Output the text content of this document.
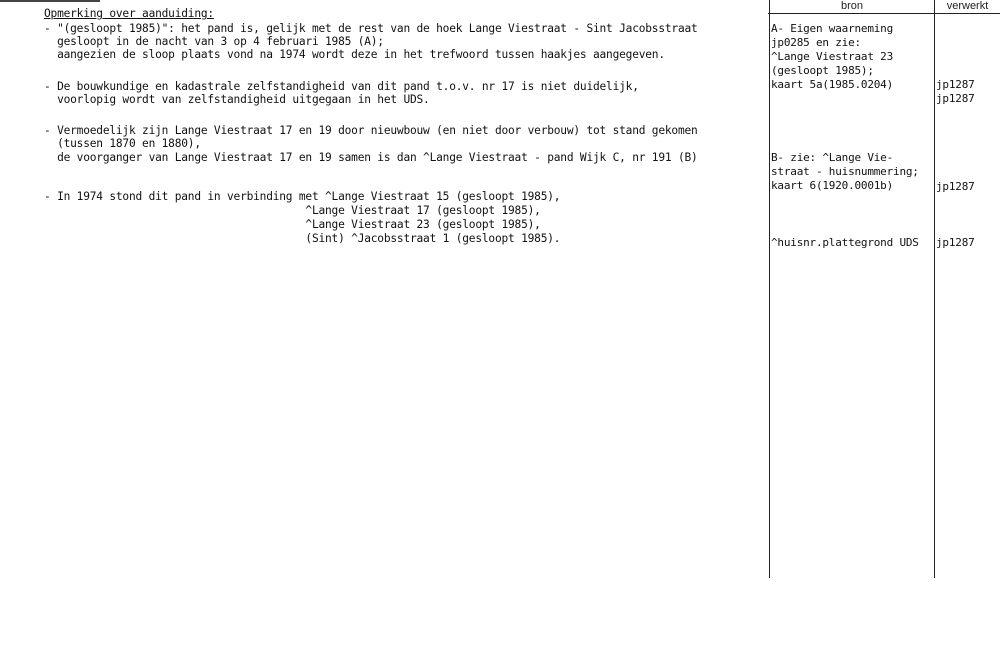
bron	verwerkt
Opmerking over aanduiding:
- "(gesloopt 1985)": het pand is, gelijk met de rest van de hoek Lange Viestraat - Sint Jacobsstraat
gesloopt in de nacht van 3 op 4 februari 1985 (A);
aangezien de sloop plaats vond na 1974 wordt deze in het trefwoord tussen haakjes aangegeven.
- De bouwkundige en kadastrale zelfstandigheid van dit pand t.o.v. nr 17 is niet duidelijk,
voorlopig wordt van zelfstandigheid uitgegaan in het UDS.
- Vermoedelijk zijn Lange Viestraat 17 en 19 door nieuwbouw (en niet door verbouw) tot stand gekomen
(tussen 1870 en 1880),
de voorganger van Lange Viestraat 17 en 19 samen is dan ^Lange Viestraat - pand Wijk C, nr 191 (B)
- In 1974 stond dit pand in verbinding met ^Lange Viestraat 15 (gesloopt 1985),
^Lange Viestraat 17 (gesloopt 1985),
^Lange Viestraat 23 (gesloopt 1985),
(Sint) ^Jacobsstraat 1 (gesloopt 1985).
A- Eigen waarneming
jp0285 en zie:
^Lange Viestraat 23
(gesloopt 1985);
kaart 5a(1985.0204)
B- zie: ^Lange Vie-
straat - huisnummering;
kaart 6(1920.0001b)
^huisnr.plattegrond UDS
jp1287
jp1287
jp1287
jp1287
